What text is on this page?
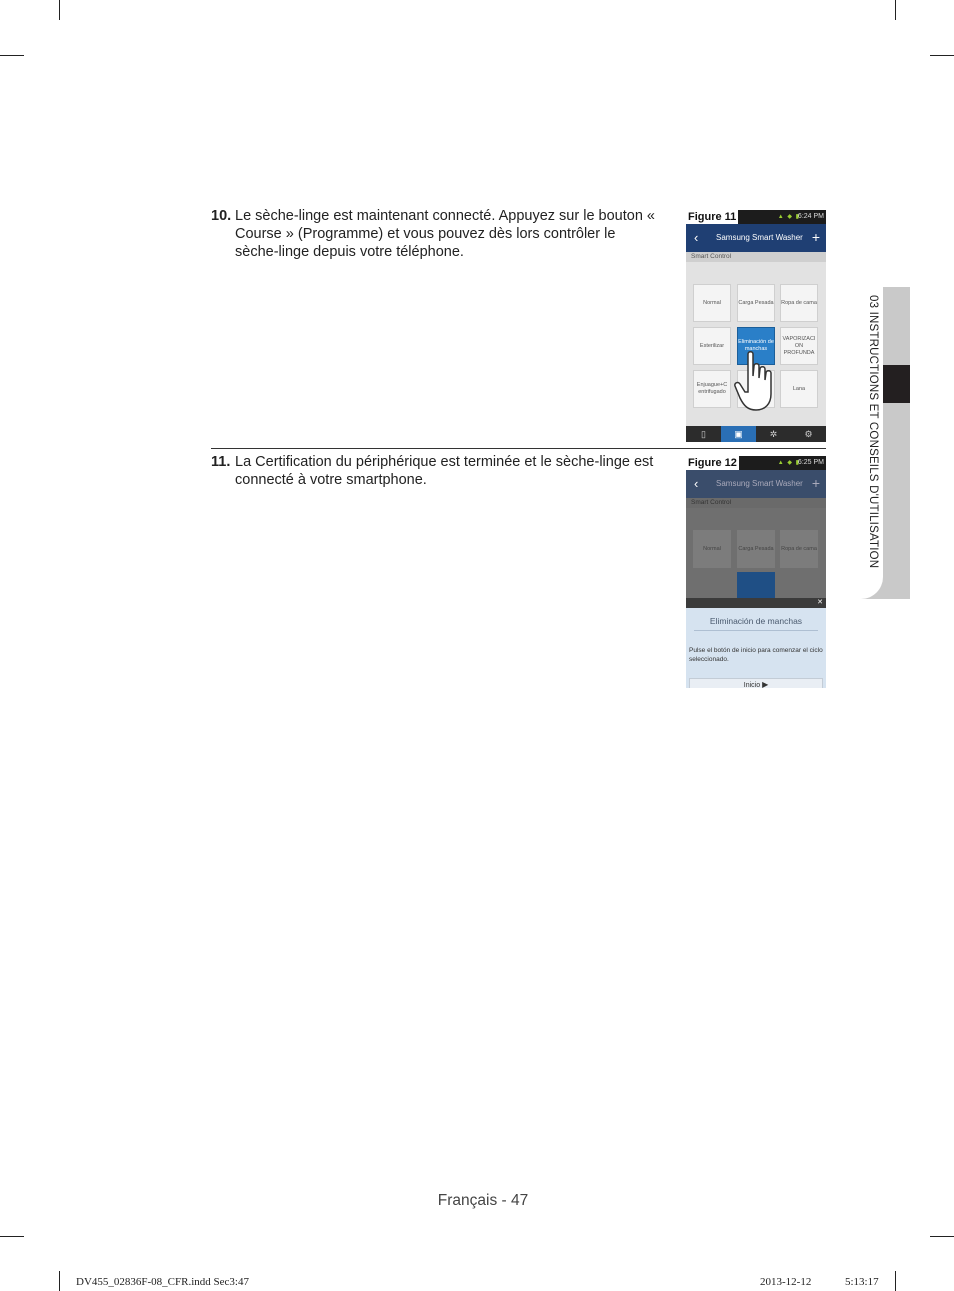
10. Le sèche-linge est maintenant connecté. Appuyez sur le bouton « Course » (Programme) et vous pouvez dès lors contrôler le sèche-linge depuis votre téléphone.
11. La Certification du périphérique est terminée et le sèche-linge est connecté à votre smartphone.
▲ ◆ ▮
6:24 PM
Figure 11
‹ Samsung Smart Washer +
Smart Control
Normal	Carga Pesada Ropa de cama
Esterilizar
Eliminación de manchas
VAPORIZACI ON PROFUNDA
Enjuague+C entrifugado
Lana
▯	▣	✲	⚙
▲ ◆ ▮
6:25 PM
Figure 12
‹ Samsung Smart Washer +
Smart Control
Normal	Carga Pesada Ropa de cama
✕
Eliminación de manchas
Pulse el botón de inicio para comenzar el ciclo seleccionado.
Inicio ▶
03 INSTRUCTIONS ET CONSEILS D'UTILISATION
Français - 47
DV455_02836F-08_CFR.indd Sec3:47	2013-12-12	5:13:17
